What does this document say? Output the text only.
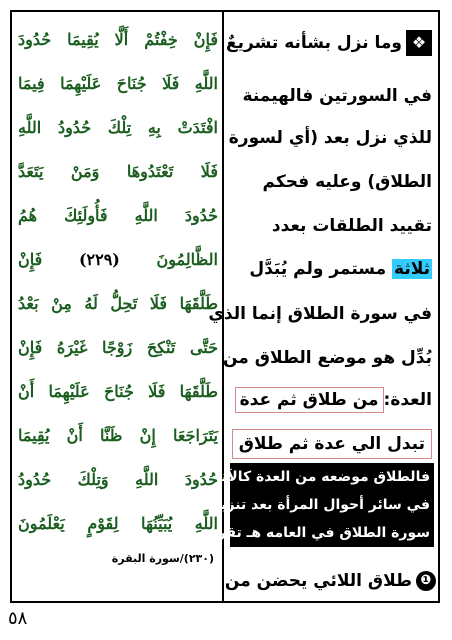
❖وما نزل بشأنه تشريعٌ
في السورتين فالهيمنة
للذي نزل بعد (أي لسورة
الطلاق) وعليه فحكم
تقييد الطلقات بعدد
ثلاثة مستمر ولم يُبَدَّل
في سورة الطلاق إنما الذي
بُدِّل هو موضع الطلاق من
العدة:من طلاق ثم عدة
تبدل الي عدة ثم طلاق
فالطلاق موضعه من العدة كالآتي
في سائر أحوال المرأة بعد تنزيل
سورة الطلاق في العامه هـ تقريبا :
❶طلاق اللائي يحضن من
فَإِنْ خِفْتُمْ أَلَّا يُقِيمَا حُدُودَ
اللَّهِ فَلَا جُنَاحَ عَلَيْهِمَا فِيمَا
افْتَدَتْ بِهِ تِلْكَ حُدُودُ اللَّهِ
فَلَا تَعْتَدُوهَا وَمَنْ يَتَعَدَّ
حُدُودَ اللَّهِ فَأُولَئِكَ هُمُ
الظَّالِمُونَ (٢٢٩) فَإِنْ
طَلَّقَهَا فَلَا تَحِلُّ لَهُ مِنْ بَعْدُ
حَتَّى تَنْكِحَ زَوْجًا غَيْرَهُ فَإِنْ
طَلَّقَهَا فَلَا جُنَاحَ عَلَيْهِمَا أَنْ
يَتَرَاجَعَا إِنْ ظَنَّا أَنْ يُقِيمَا
حُدُودَ اللَّهِ وَتِلْكَ حُدُودُ
اللَّهِ يُبَيِّنُهَا لِقَوْمٍ يَعْلَمُونَ
(٢٣٠)/سورة البقرة
٥٨
